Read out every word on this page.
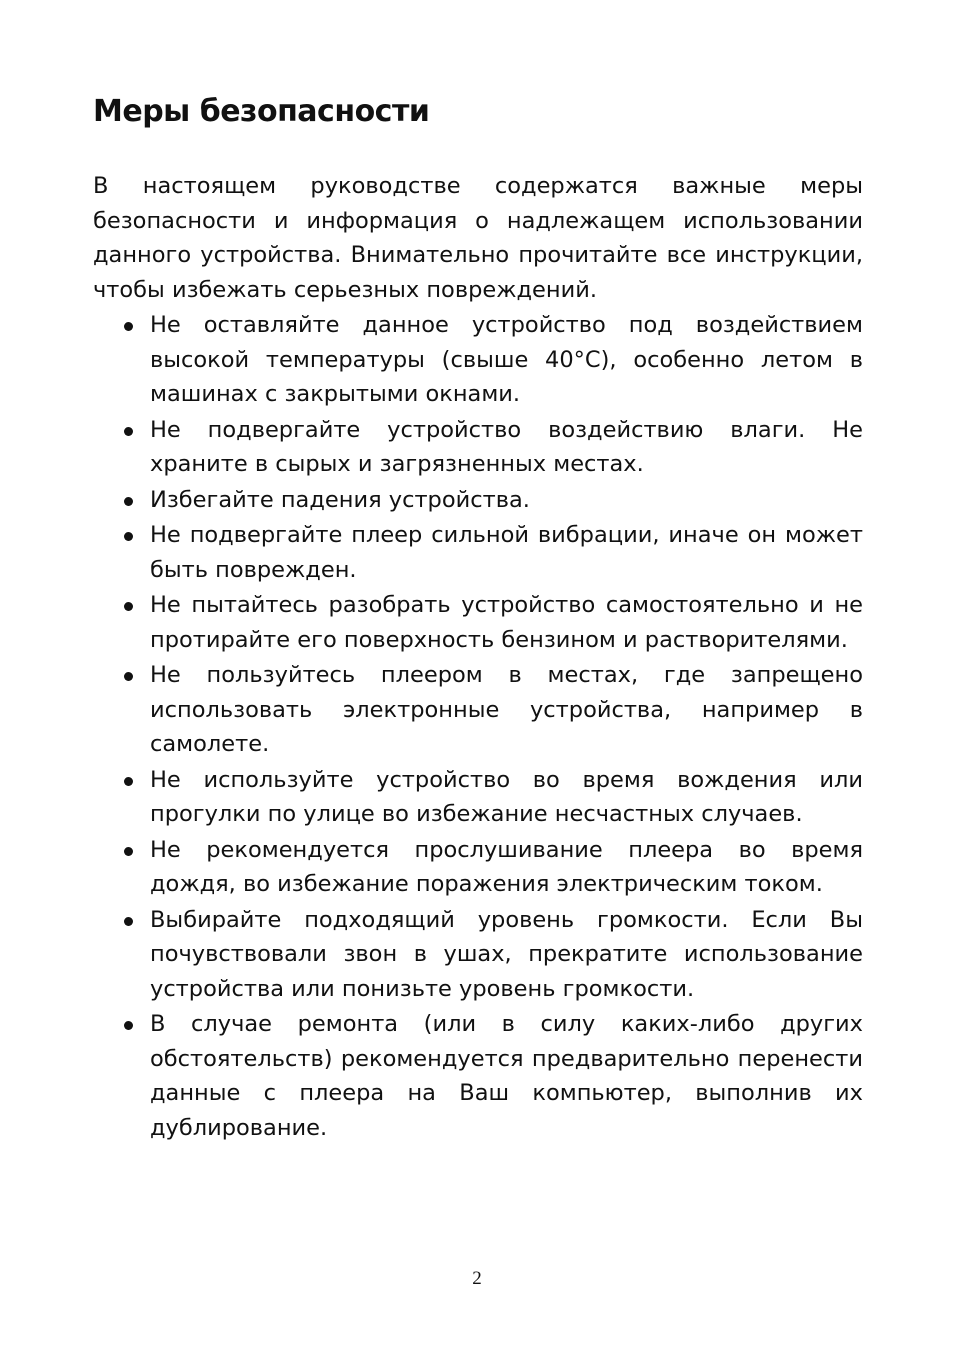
Меры безопасности

В настоящем руководстве содержатся важные меры безопасности и информация о надлежащем использовании данного устройства. Внимательно прочитайте все инструкции, чтобы избежать серьезных повреждений.

Не оставляйте данное устройство под воздействием высокой температуры (свыше 40°С), особенно летом в машинах с закрытыми окнами.
Не подвергайте устройство воздействию влаги. Не храните в сырых и загрязненных местах.
Избегайте падения устройства.
Не подвергайте плеер сильной вибрации, иначе он может быть поврежден.
Не пытайтесь разобрать устройство самостоятельно и не протирайте его поверхность бензином и растворителями.
Не пользуйтесь плеером в местах, где запрещено использовать электронные устройства, например в самолете.
Не используйте устройство во время вождения или прогулки по улице во избежание несчастных случаев.
Не рекомендуется прослушивание плеера во время дождя, во избежание поражения электрическим током.
Выбирайте подходящий уровень громкости. Если Вы почувствовали звон в ушах, прекратите использование устройства или понизьте уровень громкости.
В случае ремонта (или в силу каких-либо других обстоятельств) рекомендуется предварительно перенести данные с плеера на Ваш компьютер, выполнив их дублирование.
2
